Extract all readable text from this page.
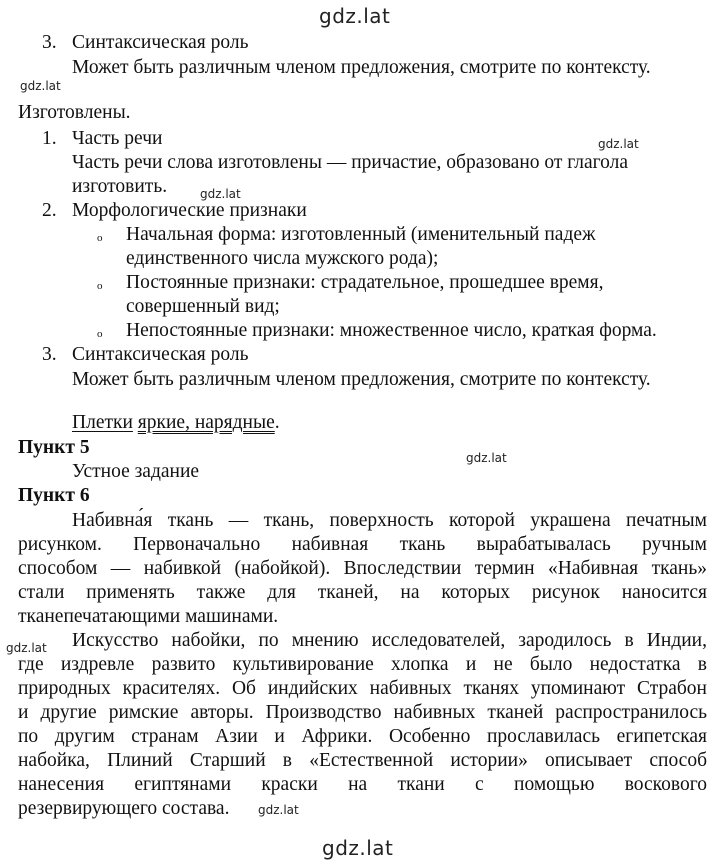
gdz.lat
gdz.lat
gdz.lat
gdz.lat
gdz.lat
gdz.lat
gdz.lat
gdz.lat
3. Синтаксическая роль
Может быть различным членом предложения, смотрите по контексту.
Изготовлены.
1. Часть речи
Часть речи слова изготовлены — причастие, образовано от глагола
изготовить.
2. Морфологические признаки
o Начальная форма: изготовленный (именительный падеж
единственного числа мужского рода);
o Постоянные признаки: страдательное, прошедшее время,
совершенный вид;
o Непостоянные признаки: множественное число, краткая форма.
3. Синтаксическая роль
Может быть различным членом предложения, смотрите по контексту.
Плетки яркие, нарядные.
Пункт 5
Устное задание
Пункт 6
Набивна́я ткань — ткань, поверхность которой украшена печатным
рисунком. Первоначально набивная ткань вырабатывалась ручным
способом — набивкой (набойкой). Впоследствии термин «Набивная ткань»
стали применять также для тканей, на которых рисунок наносится
тканепечатающими машинами.
Искусство набойки, по мнению исследователей, зародилось в Индии,
где издревле развито культивирование хлопка и не было недостатка в
природных красителях. Об индийских набивных тканях упоминают Страбон
и другие римские авторы. Производство набивных тканей распространилось
по другим странам Азии и Африки. Особенно прославилась египетская
набойка, Плиний Старший в «Естественной истории» описывает способ
нанесения египтянами краски на ткани с помощью воскового
резервирующего состава.
